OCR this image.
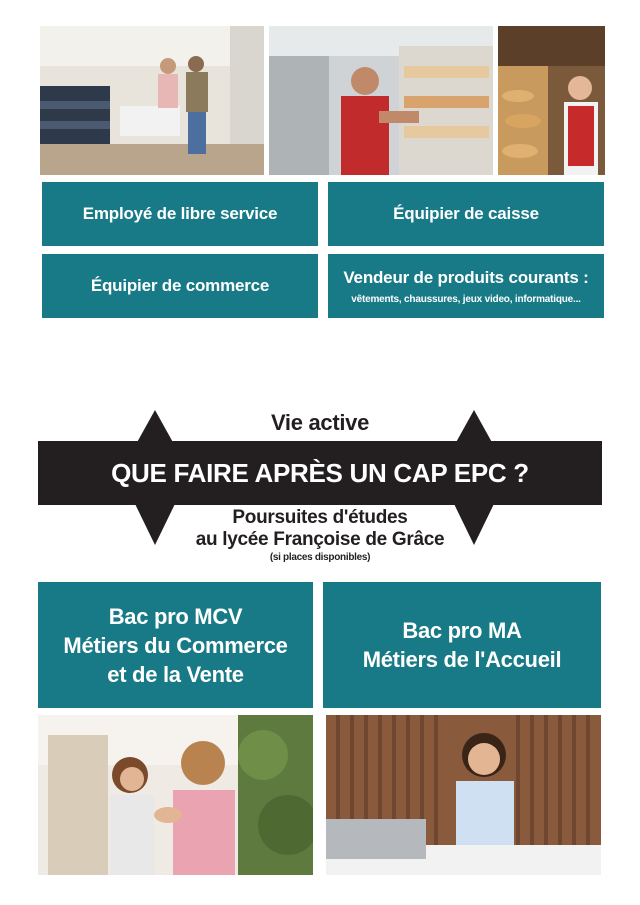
Employé de libre service	Équipier de caisse
Équipier de commerce	Vendeur de produits courants :
vêtements, chaussures, jeux video, informatique...
Vie active
QUE FAIRE APRÈS UN CAP EPC ?
Poursuites d'études
au lycée Françoise de Grâce
(si places disponibles)
Bac pro MCV
Métiers du Commerce
et de la Vente
Bac pro MA
Métiers de l'Accueil
